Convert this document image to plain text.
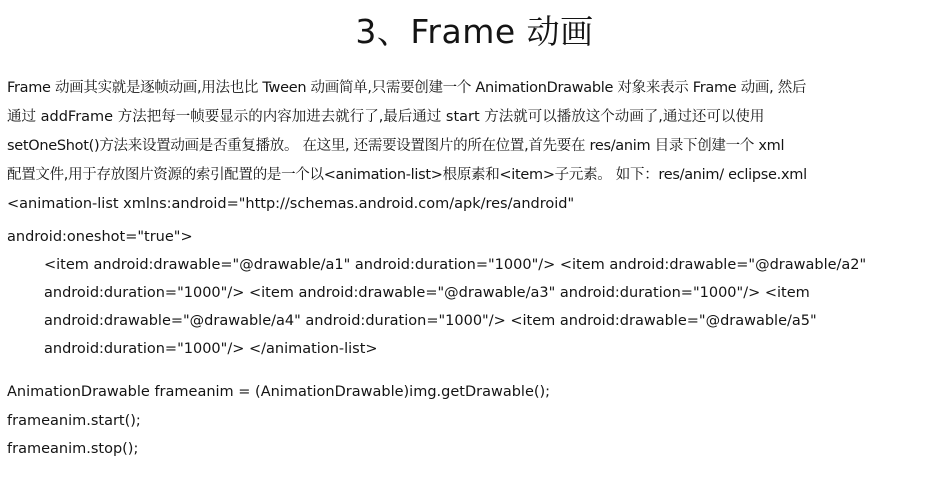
3、Frame 动画
Frame 动画其实就是逐帧动画,用法也比 Tween 动画简单,只需要创建一个 AnimationDrawable 对象来表示 Frame 动画, 然后
通过 addFrame 方法把每一帧要显示的内容加进去就行了,最后通过 start 方法就可以播放这个动画了,通过还可以使用
setOneShot()方法来设置动画是否重复播放。 在这里, 还需要设置图片的所在位置,首先要在 res/anim 目录下创建一个 xml
配置文件,用于存放图片资源的索引配置的是一个以<animation-list>根原素和<item>子元素。 如下：res/anim/ eclipse.xml
<animation-list xmlns:android="http://schemas.android.com/apk/res/android"
android:oneshot="true">
<item android:drawable="@drawable/a1" android:duration="1000"/> <item android:drawable="@drawable/a2"
android:duration="1000"/> <item android:drawable="@drawable/a3" android:duration="1000"/> <item
android:drawable="@drawable/a4" android:duration="1000"/> <item android:drawable="@drawable/a5"
android:duration="1000"/> </animation-list>
AnimationDrawable frameanim = (AnimationDrawable)img.getDrawable();
frameanim.start();
frameanim.stop();
